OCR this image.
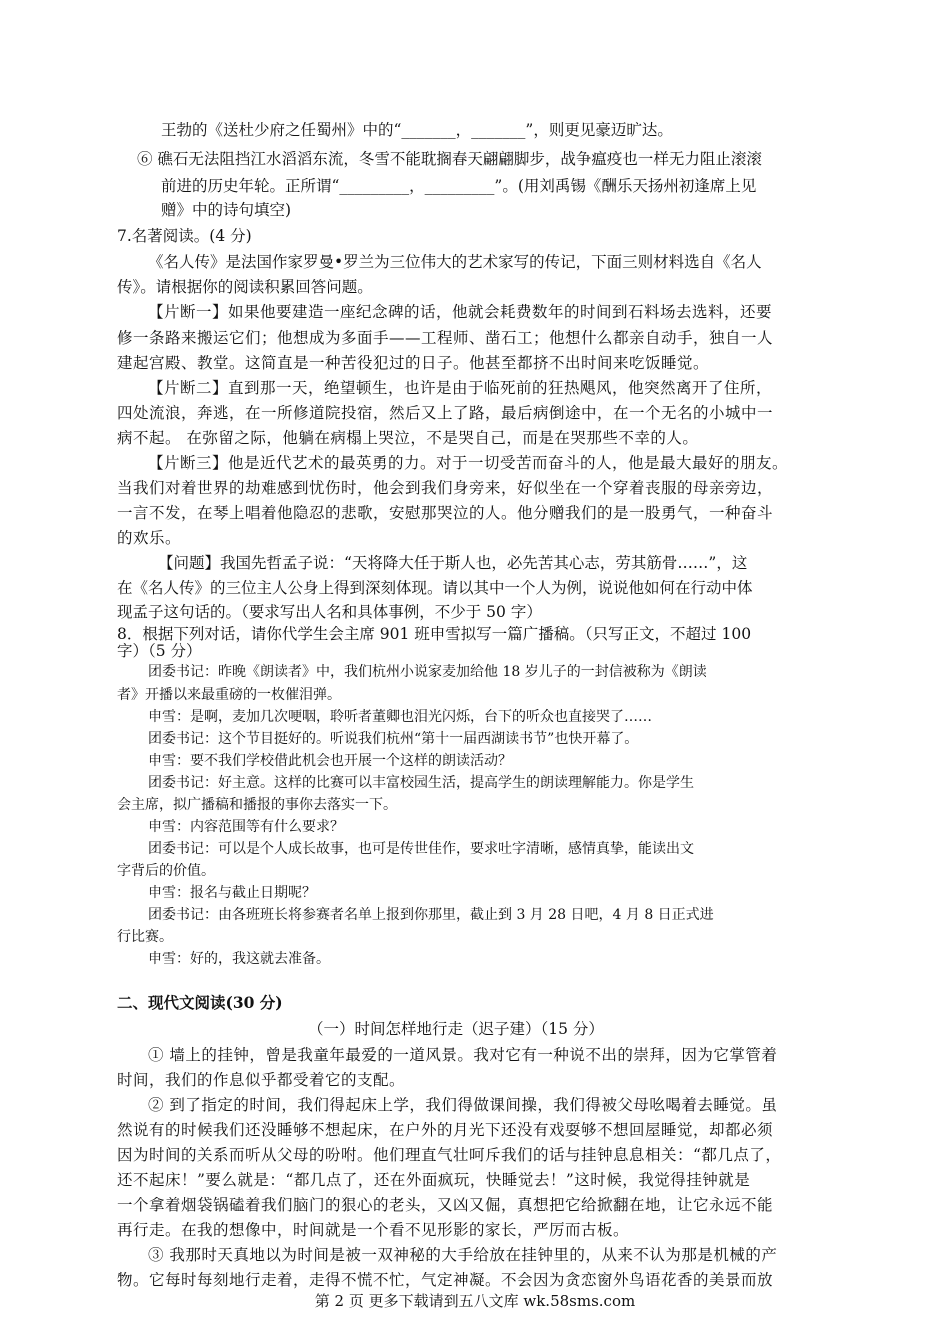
王勃的《送杜少府之任蜀州》中的“_______，_______”，则更见豪迈旷达。
⑥ 礁石无法阻挡江水滔滔东流，冬雪不能耽搁春天翩翩脚步，战争瘟疫也一样无力阻止滚滚
前进的历史年轮。正所谓“_________，_________”。(用刘禹锡《酬乐天扬州初逢席上见
赠》中的诗句填空)
7.名著阅读。(4 分)
《名人传》是法国作家罗曼•罗兰为三位伟大的艺术家写的传记，下面三则材料选自《名人
传》。请根据你的阅读积累回答问题。
【片断一】如果他要建造一座纪念碑的话，他就会耗费数年的时间到石料场去选料，还要
修一条路来搬运它们；他想成为多面手——工程师、凿石工；他想什么都亲自动手，独自一人
建起宫殿、教堂。这简直是一种苦役犯过的日子。他甚至都挤不出时间来吃饭睡觉。
【片断二】直到那一天，绝望顿生，也许是由于临死前的狂热飓风，他突然离开了住所，
四处流浪，奔逃，在一所修道院投宿，然后又上了路，最后病倒途中，在一个无名的小城中一
病不起。 在弥留之际，他躺在病榻上哭泣，不是哭自己，而是在哭那些不幸的人。
【片断三】他是近代艺术的最英勇的力。对于一切受苦而奋斗的人，他是最大最好的朋友。
当我们对着世界的劫难感到忧伤时，他会到我们身旁来，好似坐在一个穿着丧服的母亲旁边，
一言不发，在琴上唱着他隐忍的悲歌，安慰那哭泣的人。他分赠我们的是一股勇气，一种奋斗
的欢乐。
【问题】我国先哲孟子说：“天将降大任于斯人也，必先苦其心志，劳其筋骨……”，这
在《名人传》的三位主人公身上得到深刻体现。请以其中一个人为例，说说他如何在行动中体
现孟子这句话的。（要求写出人名和具体事例，不少于 50 字）
8．根据下列对话，请你代学生会主席 901 班申雪拟写一篇广播稿。（只写正文，不超过 100
字）（5 分）
团委书记：昨晚《朗读者》中，我们杭州小说家麦加给他 18 岁儿子的一封信被称为《朗读
者》开播以来最重磅的一枚催泪弹。
申雪：是啊，麦加几次哽咽，聆听者董卿也泪光闪烁，台下的听众也直接哭了……
团委书记：这个节目挺好的。听说我们杭州“第十一届西湖读书节”也快开幕了。
申雪：要不我们学校借此机会也开展一个这样的朗读活动？
团委书记：好主意。这样的比赛可以丰富校园生活，提高学生的朗读理解能力。你是学生
会主席，拟广播稿和播报的事你去落实一下。
申雪：内容范围等有什么要求？
团委书记：可以是个人成长故事，也可是传世佳作，要求吐字清晰，感情真挚，能读出文
字背后的价值。
申雪：报名与截止日期呢？
团委书记：由各班班长将参赛者名单上报到你那里，截止到 3 月 28 日吧，4 月 8 日正式进
行比赛。
申雪：好的，我这就去准备。
二、现代文阅读(30 分)
（一）时间怎样地行走（迟子建）（15 分）
① 墙上的挂钟，曾是我童年最爱的一道风景。我对它有一种说不出的崇拜，因为它掌管着
时间，我们的作息似乎都受着它的支配。
② 到了指定的时间，我们得起床上学，我们得做课间操，我们得被父母吆喝着去睡觉。虽
然说有的时候我们还没睡够不想起床，在户外的月光下还没有戏耍够不想回屋睡觉，却都必须
因为时间的关系而听从父母的吩咐。他们理直气壮呵斥我们的话与挂钟息息相关：“都几点了，
还不起床！”要么就是：“都几点了，还在外面疯玩，快睡觉去！”这时候，我觉得挂钟就是
一个拿着烟袋锅磕着我们脑门的狠心的老头，又凶又倔，真想把它给掀翻在地，让它永远不能
再行走。在我的想像中，时间就是一个看不见形影的家长，严厉而古板。
③ 我那时天真地以为时间是被一双神秘的大手给放在挂钟里的，从来不认为那是机械的产
物。它每时每刻地行走着，走得不慌不忙，气定神凝。不会因为贪恋窗外鸟语花香的美景而放
第 2 页 更多下载请到五八文库 wk.58sms.com
